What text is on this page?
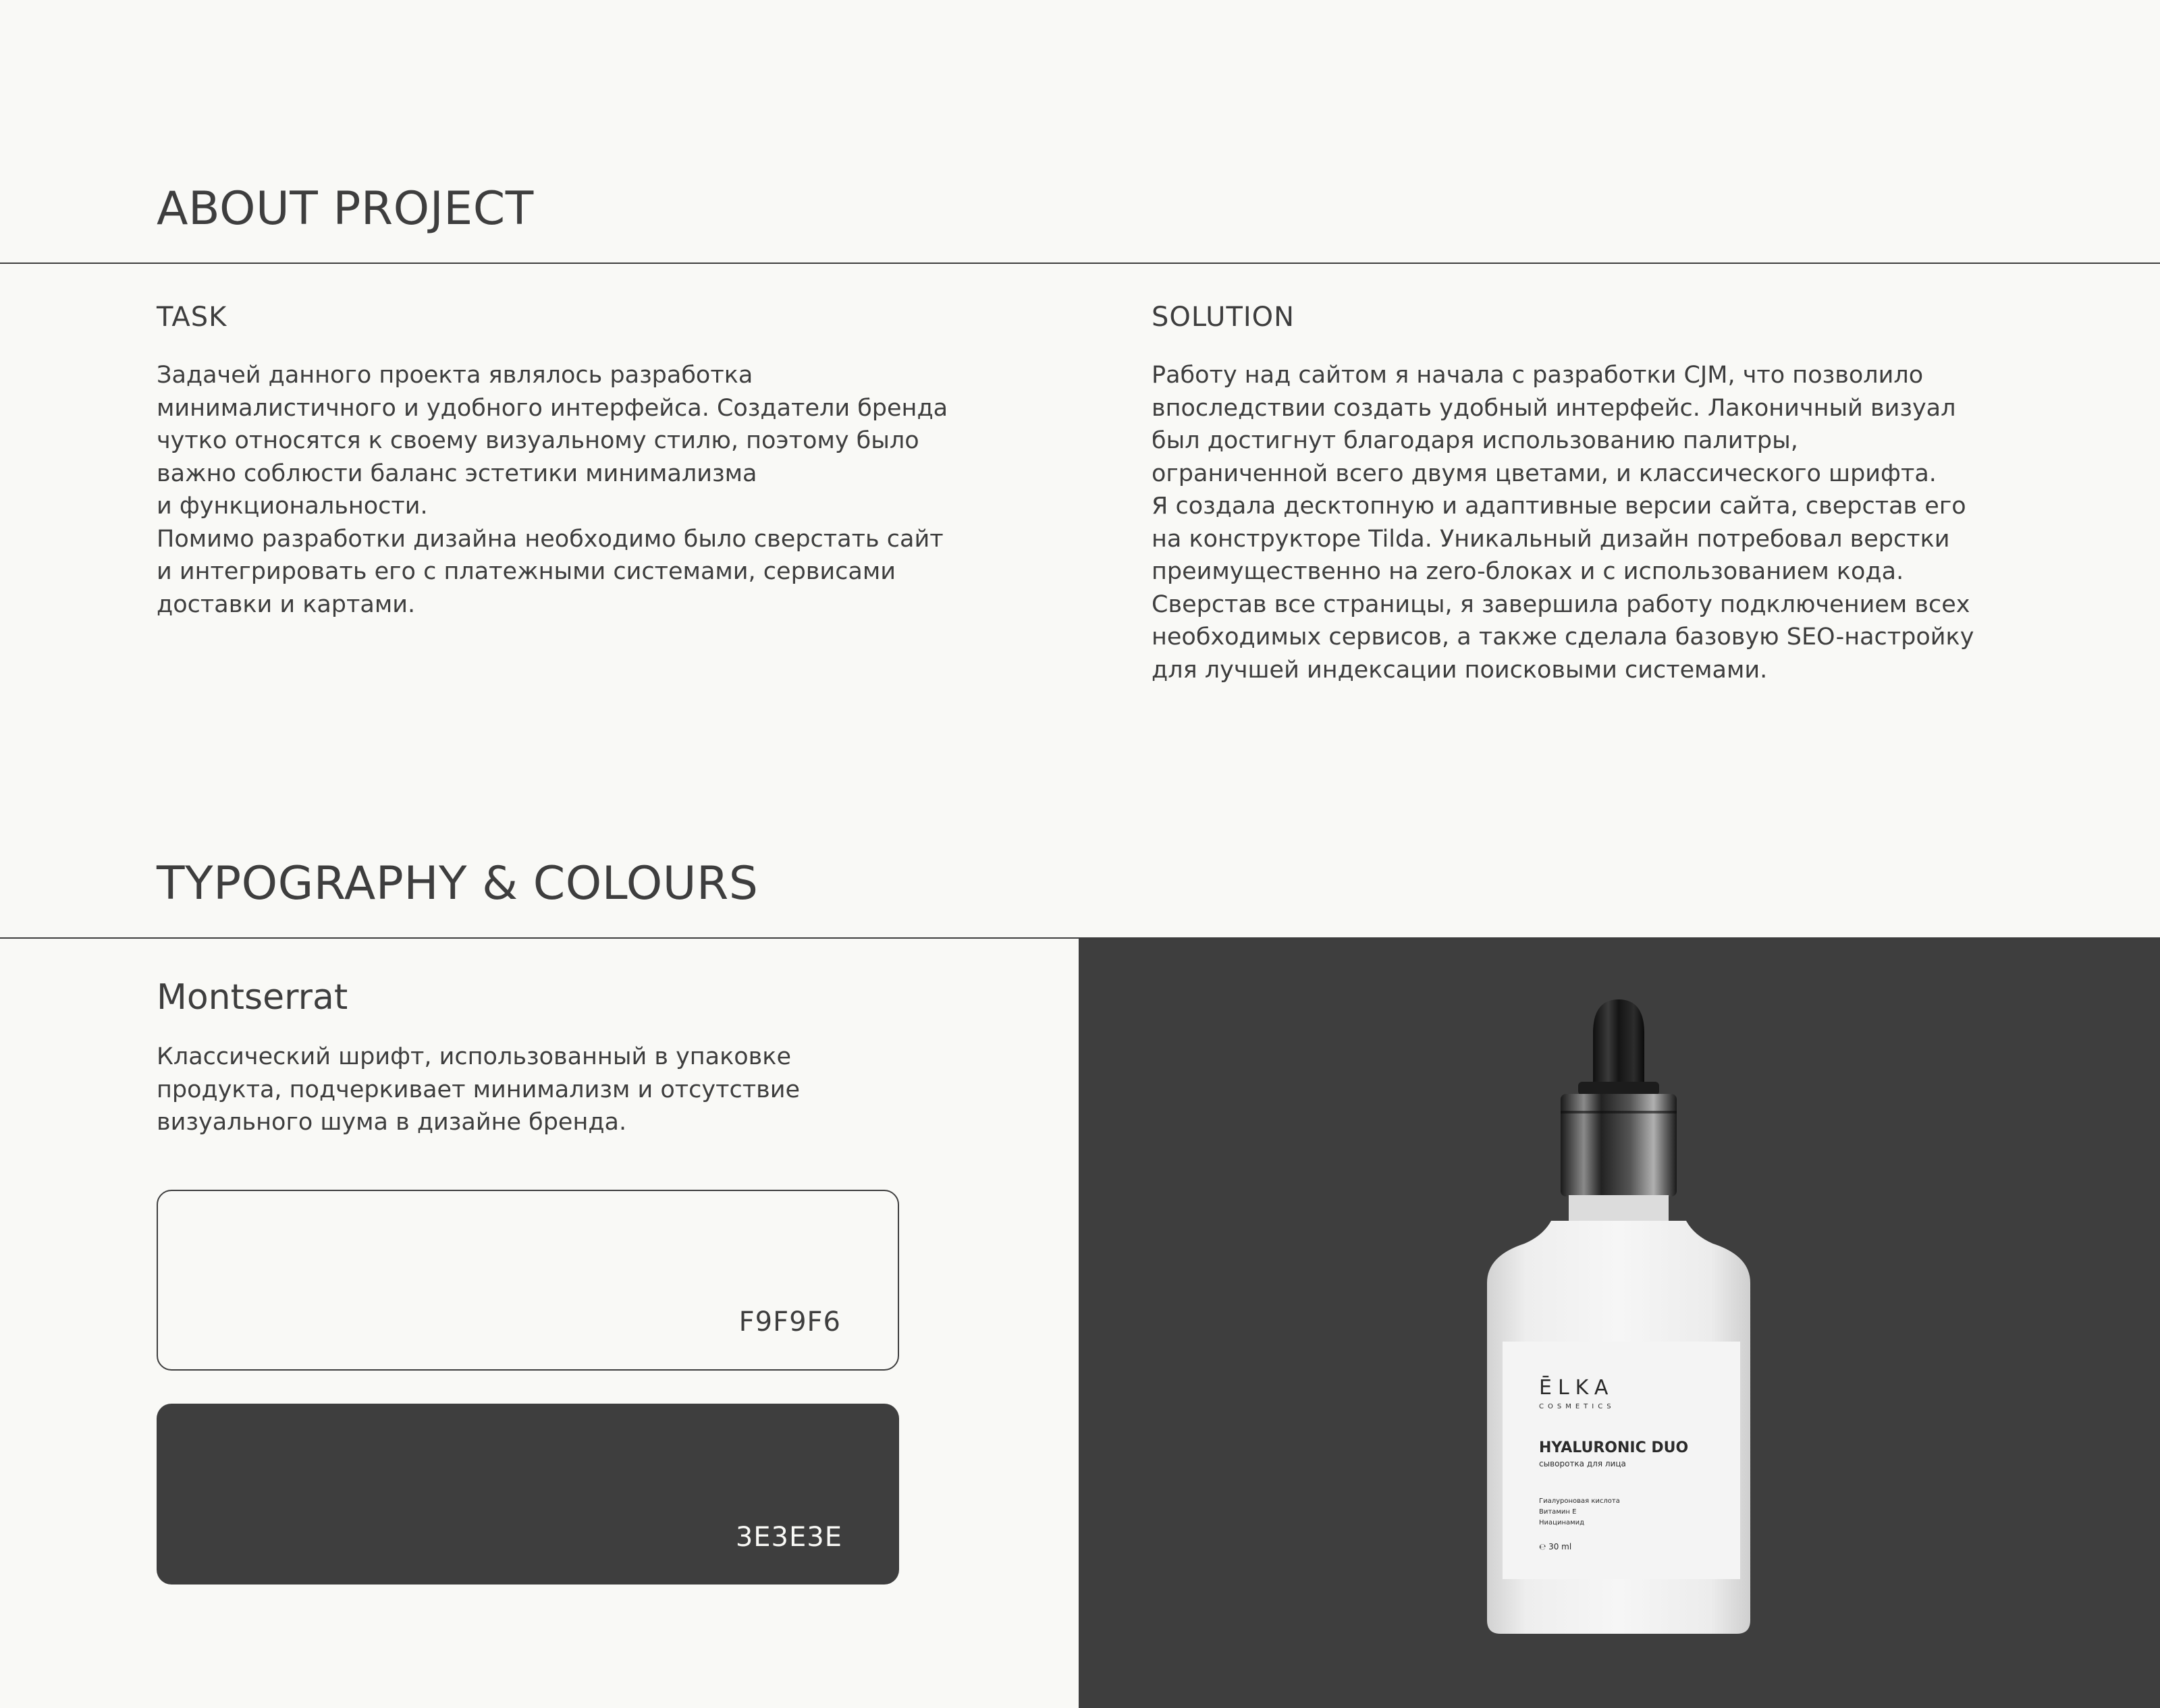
ABOUT PROJECT
TASK

Задачей данного проекта являлось разработка

минималистичного и удобного интерфейса. Создатели бренда

чутко относятся к своему визуальному стилю, поэтому было

важно соблюсти баланс эстетики минимализма

и функциональности.

Помимо разработки дизайна необходимо было сверстать сайт

и интегрировать его с платежными системами, сервисами

доставки и картами.

SOLUTION

Работу над сайтом я начала с разработки CJM, что позволило

впоследствии создать удобный интерфейс. Лаконичный визуал

был достигнут благодаря использованию палитры,

ограниченной всего двумя цветами, и классического шрифта.

Я создала десктопную и адаптивные версии сайта, сверстав его

на конструкторе Tilda. Уникальный дизайн потребовал верстки

преимущественно на zero-блоках и с использованием кода.

Сверстав все страницы, я завершила работу подключением всех

необходимых сервисов, а также сделала базовую SEO-настройку

для лучшей индексации поисковыми системами.

TYPOGRAPHY & COLOURS
Montserrat

Классический шрифт, использованный в упаковке

продукта, подчеркивает минимализм и отсутствие

визуального шума в дизайне бренда.

F9F9F6
3E3E3E
ĒLKA
COSMETICS
HYALURONIC DUO
сыворотка для лица
Гиалуроновая кислота
Витамин Е
Ниацинамид
℮ 30 ml
